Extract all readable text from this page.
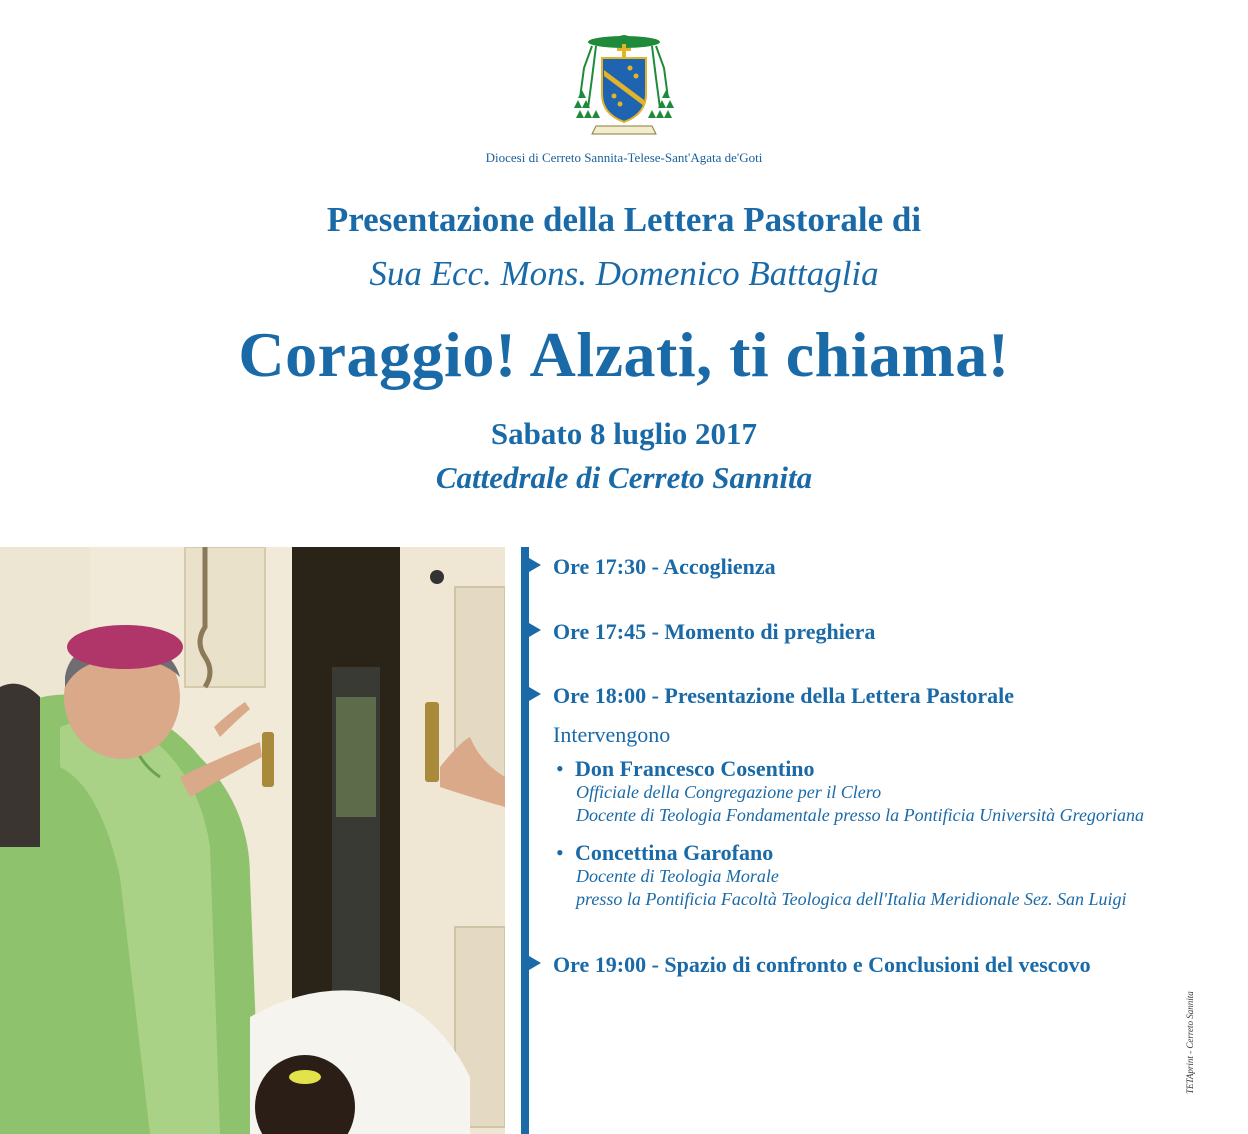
Diocesi di Cerreto Sannita-Telese-Sant'Agata de'Goti
Presentazione della Lettera Pastorale di
Sua Ecc. Mons. Domenico Battaglia
Coraggio! Alzati, ti chiama!
Sabato 8 luglio 2017
Cattedrale di Cerreto Sannita
Ore 17:30 - Accoglienza
Ore 17:45 - Momento di preghiera
Ore 18:00 - Presentazione della Lettera Pastorale
Intervengono
• Don Francesco Cosentino
Officiale della Congregazione per il Clero
Docente di Teologia Fondamentale presso la Pontificia Università Gregoriana
• Concettina Garofano
Docente di Teologia Morale
presso la Pontificia Facoltà Teologica dell'Italia Meridionale Sez. San Luigi
Ore 19:00 - Spazio di confronto e Conclusioni del vescovo
TETAprint - Cerreto Sannita
